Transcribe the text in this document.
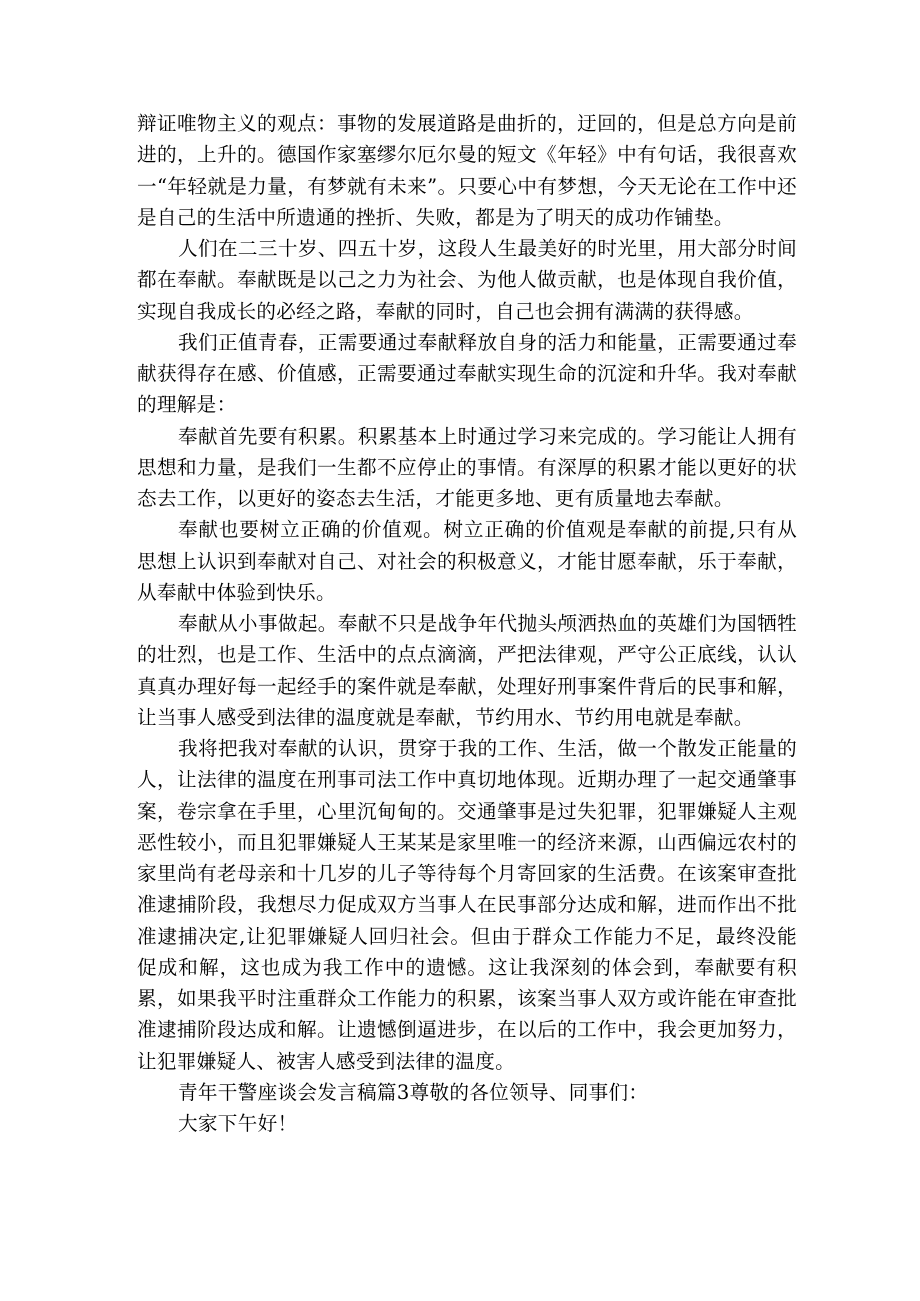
辩证唯物主义的观点：事物的发展道路是曲折的，迂回的，但是总方向是前进的，上升的。德国作家塞缪尔厄尔曼的短文《年轻》中有句话，我很喜欢一“年轻就是力量，有梦就有未来”。只要心中有梦想，今天无论在工作中还是自己的生活中所遗通的挫折、失败，都是为了明天的成功作铺垫。

人们在二三十岁、四五十岁，这段人生最美好的时光里，用大部分时间都在奉献。奉献既是以己之力为社会、为他人做贡献，也是体现自我价值，实现自我成长的必经之路，奉献的同时，自己也会拥有满满的获得感。

我们正值青春，正需要通过奉献释放自身的活力和能量，正需要通过奉献获得存在感、价值感，正需要通过奉献实现生命的沉淀和升华。我对奉献的理解是：

奉献首先要有积累。积累基本上时通过学习来完成的。学习能让人拥有思想和力量，是我们一生都不应停止的事情。有深厚的积累才能以更好的状态去工作，以更好的姿态去生活，才能更多地、更有质量地去奉献。

奉献也要树立正确的价值观。树立正确的价值观是奉献的前提,只有从思想上认识到奉献对自己、对社会的积极意义，才能甘愿奉献，乐于奉献，从奉献中体验到快乐。

奉献从小事做起。奉献不只是战争年代抛头颅洒热血的英雄们为国牺牲的壮烈，也是工作、生活中的点点滴滴，严把法律观，严守公正底线，认认真真办理好每一起经手的案件就是奉献，处理好刑事案件背后的民事和解，让当事人感受到法律的温度就是奉献，节约用水、节约用电就是奉献。

我将把我对奉献的认识，贯穿于我的工作、生活，做一个散发正能量的人，让法律的温度在刑事司法工作中真切地体现。近期办理了一起交通肇事案，卷宗拿在手里，心里沉甸甸的。交通肇事是过失犯罪，犯罪嫌疑人主观恶性较小，而且犯罪嫌疑人王某某是家里唯一的经济来源，山西偏远农村的家里尚有老母亲和十几岁的儿子等待每个月寄回家的生活费。在该案审查批准逮捕阶段，我想尽力促成双方当事人在民事部分达成和解，进而作出不批准逮捕决定,让犯罪嫌疑人回归社会。但由于群众工作能力不足，最终没能促成和解，这也成为我工作中的遗憾。这让我深刻的体会到，奉献要有积累，如果我平时注重群众工作能力的积累，该案当事人双方或许能在审查批准逮捕阶段达成和解。让遗憾倒逼进步，在以后的工作中，我会更加努力，让犯罪嫌疑人、被害人感受到法律的温度。

青年干警座谈会发言稿篇3尊敬的各位领导、同事们：

大家下午好！
